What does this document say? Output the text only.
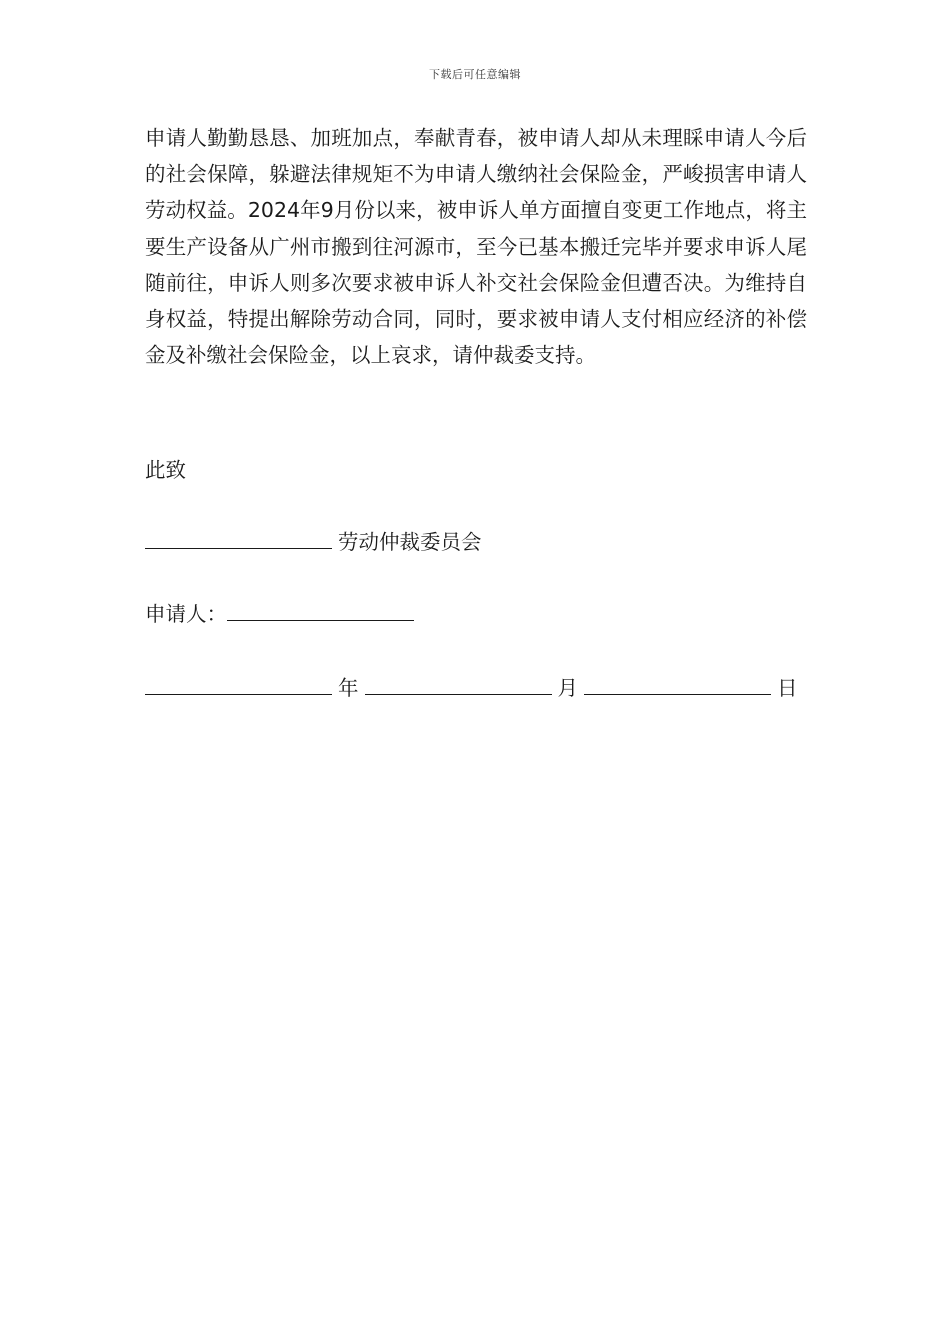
下载后可任意编辑
申请人勤勤恳恳、加班加点，奉献青春，被申请人却从未理睬申请人今后的社会保障，躲避法律规矩不为申请人缴纳社会保险金，严峻损害申请人劳动权益。2024年9月份以来，被申诉人单方面擅自变更工作地点，将主要生产设备从广州市搬到往河源市，至今已基本搬迁完毕并要求申诉人尾随前往，申诉人则多次要求被申诉人补交社会保险金但遭否决。为维持自身权益，特提出解除劳动合同，同时，要求被申请人支付相应经济的补偿金及补缴社会保险金，以上哀求，请仲裁委支持。
此致
劳动仲裁委员会
申请人：
年	月	日
